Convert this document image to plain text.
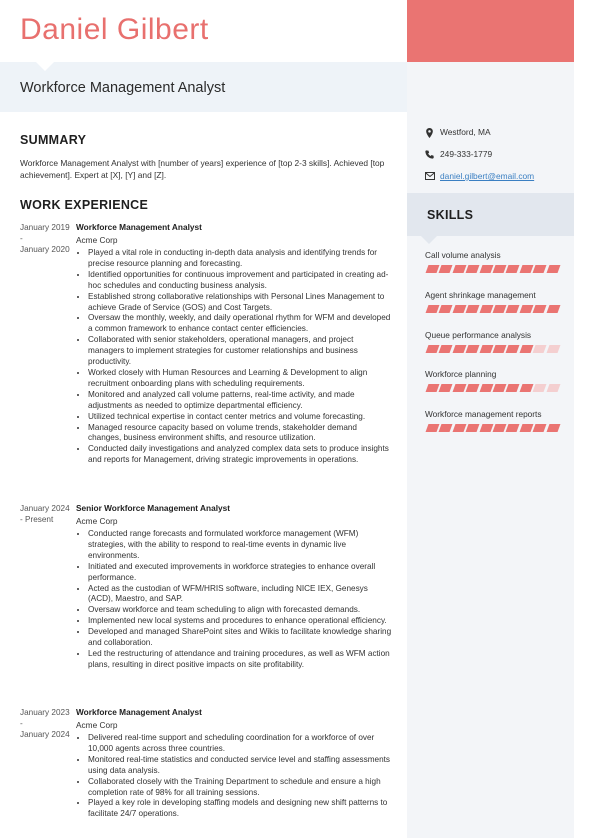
Daniel Gilbert
Workforce Management Analyst
SUMMARY
Workforce Management Analyst with [number of years] experience of [top 2-3 skills]. Achieved [top achievement]. Expert at [X], [Y] and [Z].
WORK EXPERIENCE
January 2019
-
January 2020
Workforce Management Analyst
Acme Corp
• Played a vital role in conducting in-depth data analysis and identifying trends for precise resource planning and forecasting.
• Identified opportunities for continuous improvement and participated in creating ad-hoc schedules and conducting business analysis.
• Established strong collaborative relationships with Personal Lines Management to achieve Grade of Service (GOS) and Cost Targets.
• Oversaw the monthly, weekly, and daily operational rhythm for WFM and developed a common framework to enhance contact center efficiencies.
• Collaborated with senior stakeholders, operational managers, and project managers to implement strategies for customer relationships and business productivity.
• Worked closely with Human Resources and Learning & Development to align recruitment onboarding plans with scheduling requirements.
• Monitored and analyzed call volume patterns, real-time activity, and made adjustments as needed to optimize departmental efficiency.
• Utilized technical expertise in contact center metrics and volume forecasting.
• Managed resource capacity based on volume trends, stakeholder demand changes, business environment shifts, and resource utilization.
• Conducted daily investigations and analyzed complex data sets to produce insights and reports for Management, driving strategic improvements in operations.
January 2024
- Present
Senior Workforce Management Analyst
Acme Corp
• Conducted range forecasts and formulated workforce management (WFM) strategies, with the ability to respond to real-time events in dynamic live environments.
• Initiated and executed improvements in workforce strategies to enhance overall performance.
• Acted as the custodian of WFM/HRIS software, including NICE IEX, Genesys (ACD), Maestro, and SAP.
• Oversaw workforce and team scheduling to align with forecasted demands.
• Implemented new local systems and procedures to enhance operational efficiency.
• Developed and managed SharePoint sites and Wikis to facilitate knowledge sharing and collaboration.
• Led the restructuring of attendance and training procedures, as well as WFM action plans, resulting in direct positive impacts on site profitability.
January 2023
-
January 2024
Workforce Management Analyst
Acme Corp
• Delivered real-time support and scheduling coordination for a workforce of over 10,000 agents across three countries.
• Monitored real-time statistics and conducted service level and staffing assessments using data analysis.
• Collaborated closely with the Training Department to schedule and ensure a high completion rate of 98% for all training sessions.
• Played a key role in developing staffing models and designing new shift patterns to facilitate 24/7 operations.
Westford, MA
249-333-1779
daniel.gilbert@email.com
SKILLS
Call volume analysis
Agent shrinkage management
Queue performance analysis
Workforce planning
Workforce management reports
